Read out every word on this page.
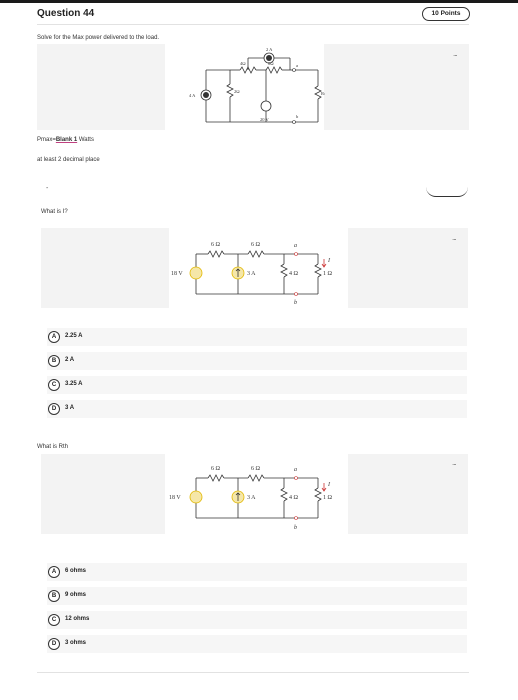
Question 44	10 Points
Solve for the Max power delivered to the load.
...
2 A
4Ω	6Ω
4 A
2Ω
20 V
a
b
Rₗ
Pmax=Blank 1 Watts
at least 2 decimal place
-
What is I?
...
6 Ω	6 Ω
18 V	3 A	4 Ω	1 Ω
a
b
I
A	2.25 A
B	2 A
C	3.25 A
D	3 A
What is Rth
...
6 Ω	6 Ω
18 V	3 A	4 Ω	1 Ω
a
b
I
A	6 ohms
B	9 ohms
C	12 ohms
D	3 ohms
